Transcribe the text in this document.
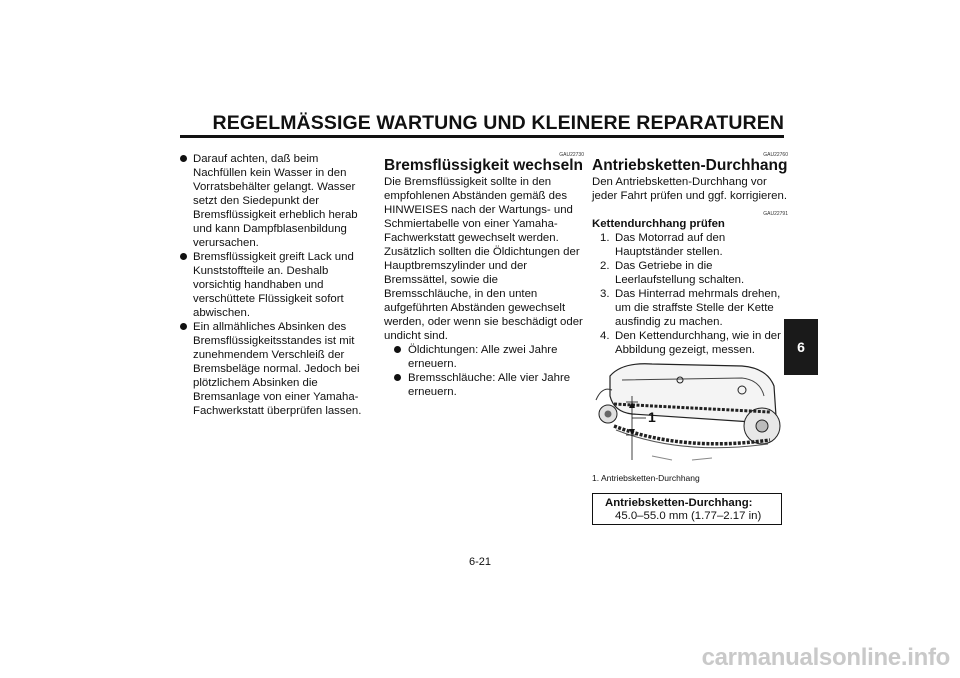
REGELMÄSSIGE WARTUNG UND KLEINERE REPARATUREN
6
Darauf achten, daß beim Nachfüllen kein Wasser in den Vorratsbehälter gelangt. Wasser setzt den Siedepunkt der Bremsflüssigkeit erheblich herab und kann Dampfblasenbildung verursachen.
Bremsflüssigkeit greift Lack und Kunststoffteile an. Deshalb vorsichtig handhaben und verschüttete Flüssigkeit sofort abwischen.
Ein allmähliches Absinken des Bremsflüssigkeitsstandes ist mit zunehmendem Verschleiß der Bremsbeläge normal. Jedoch bei plötzlichem Absinken die Bremsanlage von einer Yamaha-Fachwerkstatt überprüfen lassen.
GAU22730
Bremsflüssigkeit wechseln

Die Bremsflüssigkeit sollte in den empfohlenen Abständen gemäß des HINWEISES nach der Wartungs- und Schmiertabelle von einer Yamaha-Fachwerkstatt gewechselt werden. Zusätzlich sollten die Öldichtungen der Hauptbremszylinder und der Bremssättel, sowie die Bremsschläuche, in den unten aufgeführten Abständen gewechselt werden, oder wenn sie beschädigt oder undicht sind.

Öldichtungen: Alle zwei Jahre erneuern.
Bremsschläuche: Alle vier Jahre erneuern.
GAU22760
Antriebsketten-Durchhang

Den Antriebsketten-Durchhang vor jeder Fahrt prüfen und ggf. korrigieren.

GAU22791
Kettendurchhang prüfen
1. Das Motorrad auf den Hauptständer stellen.
2. Das Getriebe in die Leerlaufstellung schalten.
3. Das Hinterrad mehrmals drehen, um die straffste Stelle der Kette ausfindig zu machen.
4. Den Kettendurchhang, wie in der Abbildung gezeigt, messen.
1
1. Antriebsketten-Durchhang
Antriebsketten-Durchhang:
45.0–55.0 mm (1.77–2.17 in)
6-21
carmanualsonline.info
